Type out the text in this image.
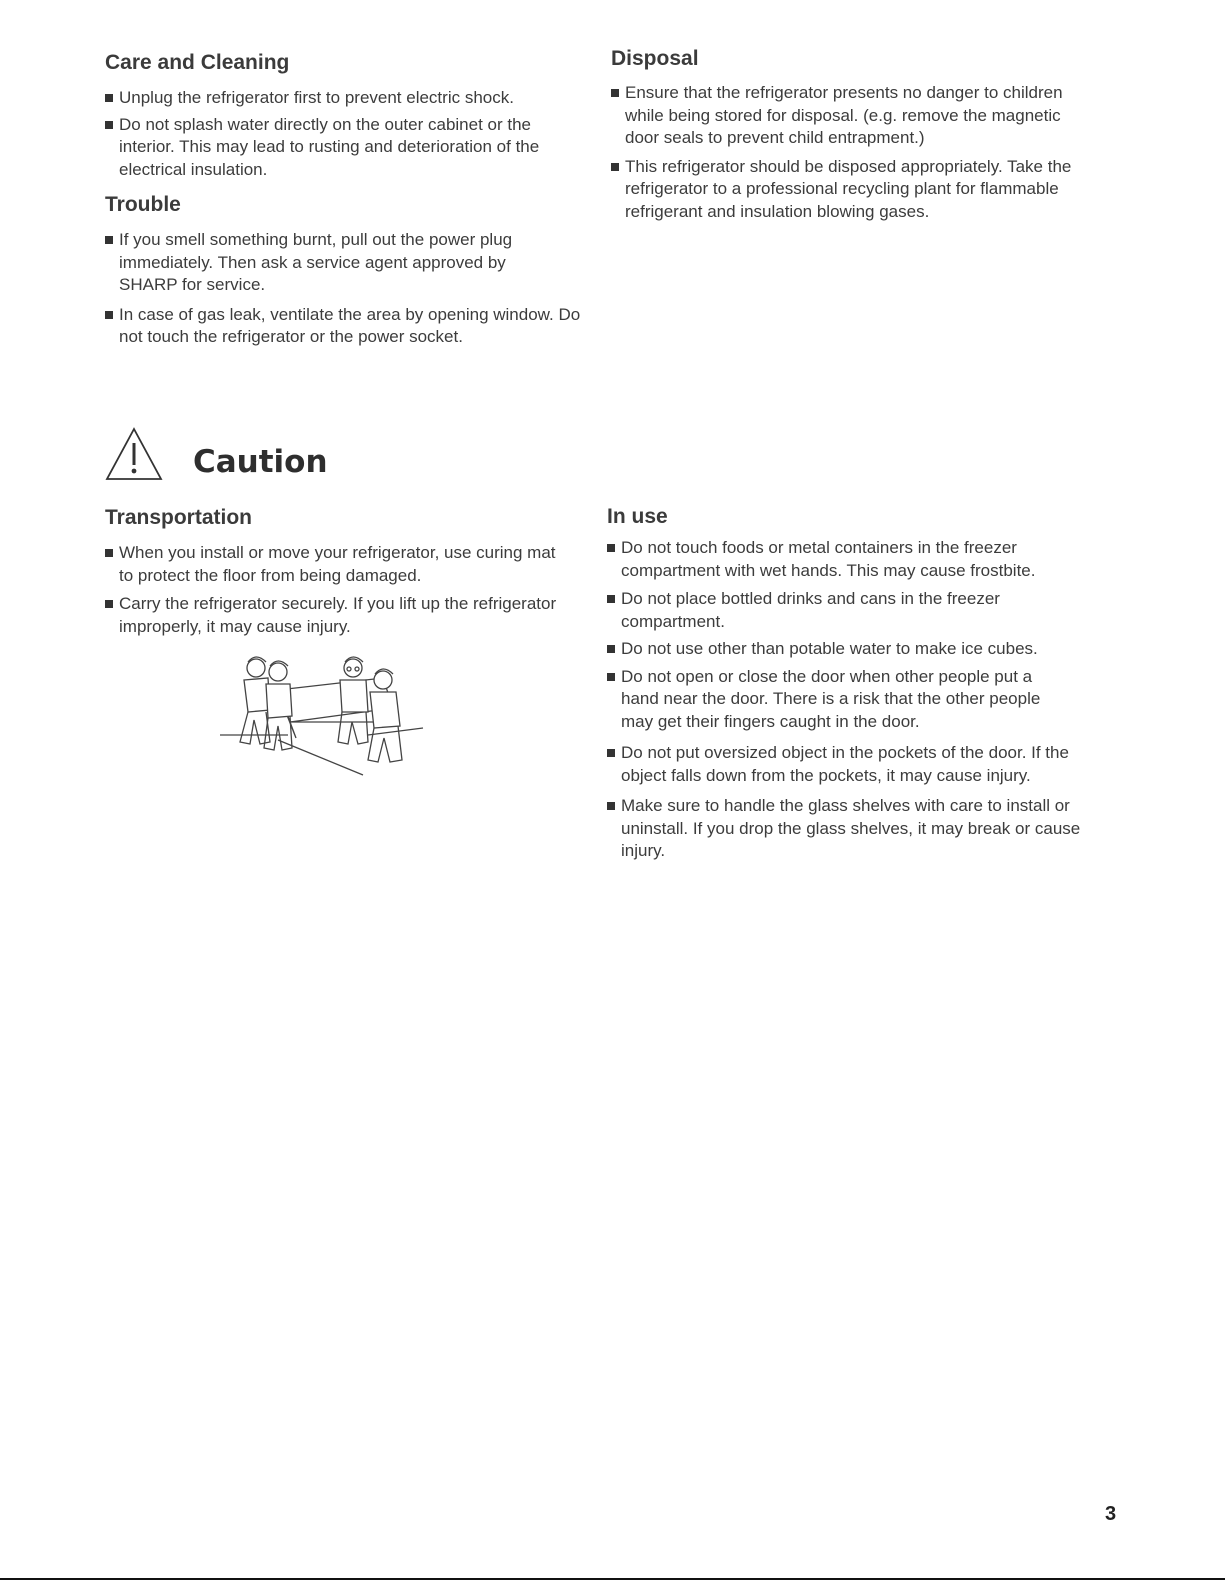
Care and Cleaning
Unplug the refrigerator first to prevent electric shock.
Do not splash water directly on the outer cabinet or the interior. This may lead to rusting and deterioration of the electrical insulation.
Trouble
If you smell something burnt, pull out the power plug immediately. Then ask a service agent approved by SHARP for service.
In case of gas leak, ventilate the area by opening window. Do not touch the refrigerator or the power socket.
Disposal
Ensure that the refrigerator presents no danger to children while being stored for disposal. (e.g. remove the magnetic door seals to prevent child entrapment.)
This refrigerator should be disposed appropriately. Take the refrigerator to a professional recycling plant for flammable refrigerant and insulation blowing gases.
Caution
Transportation
When you install or move your refrigerator, use curing mat to protect the floor from being damaged.
Carry the refrigerator securely. If you lift up the refrigerator improperly, it may cause injury.
In use
Do not touch foods or metal containers in the freezer compartment with wet hands. This may cause frostbite.
Do not place bottled drinks and cans in the freezer compartment.
Do not use other than potable water to make ice cubes.
Do not open or close the door when other people put a hand near the door. There is a risk that the other people may get their fingers caught in the door.
Do not put oversized object in the pockets of the door. If the object falls down from the pockets, it may cause injury.
Make sure to handle the glass shelves with care to install or uninstall. If you drop the glass shelves, it may break or cause injury.
3
